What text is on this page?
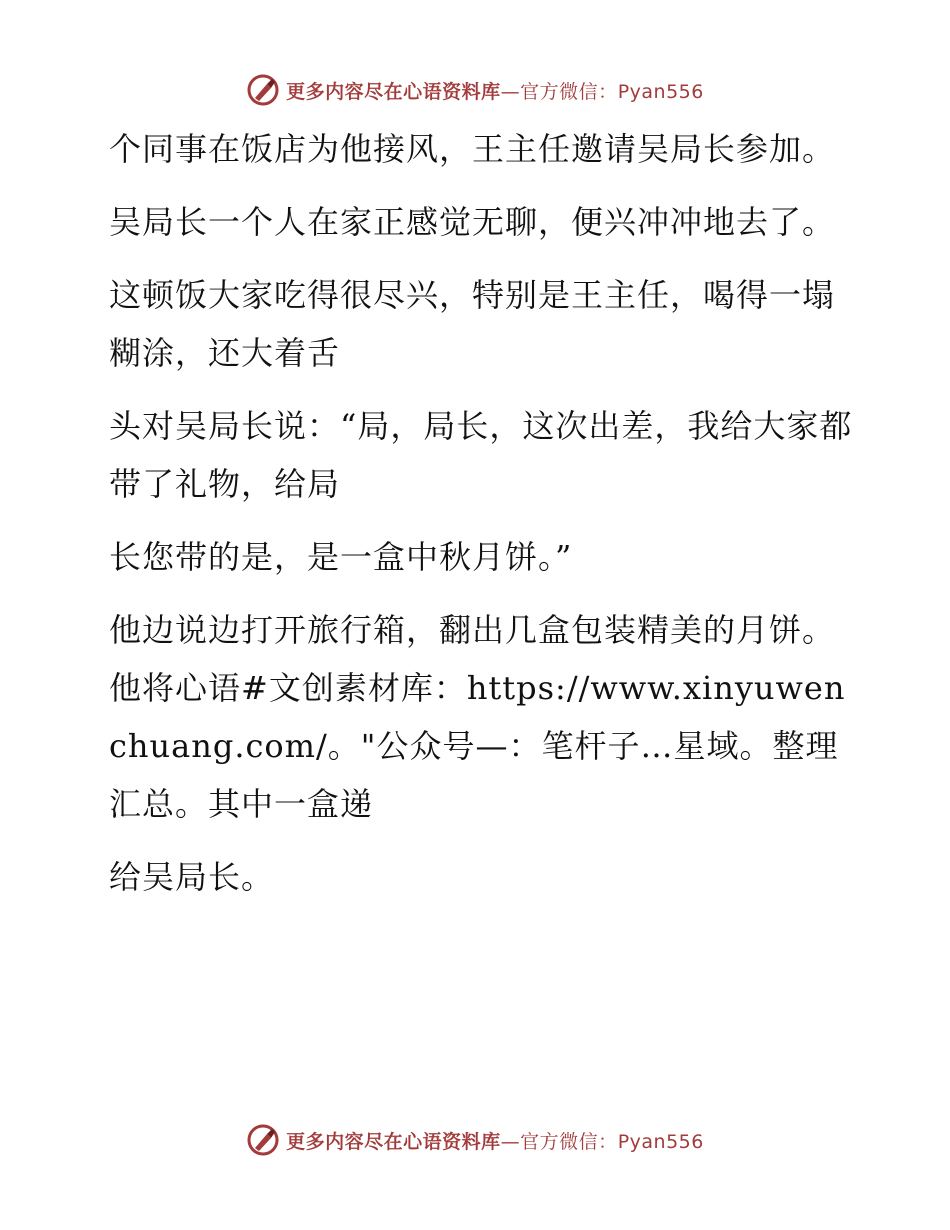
更多内容尽在心语资料库—官方微信：Pyan556

个同事在饭店为他接风，王主任邀请吴局长参加。

吴局长一个人在家正感觉无聊，便兴冲冲地去了。

这顿饭大家吃得很尽兴，特别是王主任，喝得一塌糊涂，还大着舌

头对吴局长说：“局，局长，这次出差，我给大家都带了礼物，给局

长您带的是，是一盒中秋月饼。”

他边说边打开旅行箱，翻出几盒包装精美的月饼。他将心语#文创素材库：https://www.xinyuwenchuang.com/。"公众号—：笔杆子…星域。整理汇总。其中一盒递

给吴局长。

更多内容尽在心语资料库—官方微信：Pyan556
